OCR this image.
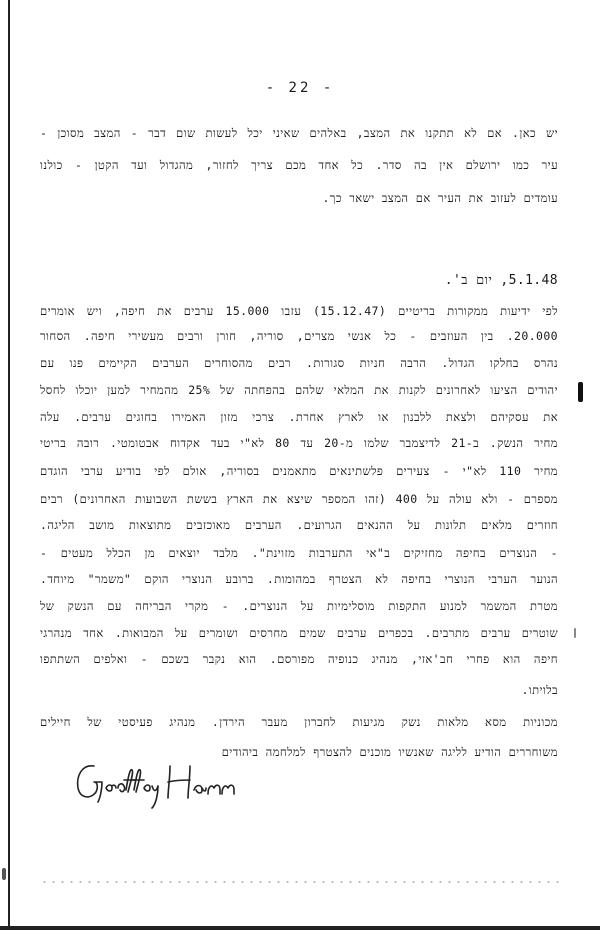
- 22 -
יש כאן. אם לא תתקנו את המצב, באלהים שאיני יכל לעשות שום דבר - המצב מסוכן -
עיר כמו ירושלם אין בה סדר. כל אחד מכם צריך לחזור, מהגדול ועד הקטן - כולנו
עומדים לעזוב את העיר אם המצב ישאר כך.
5.1.48, יום ב'.
לפי ידיעות ממקורות בריטיים (15.12.47) עזבו 15.000 ערבים את חיפה, ויש אומרים
20.000. בין העוזבים - כל אנשי מצרים, סוריה, חורן ורבים מעשירי חיפה. הסחור
נהרס בחלקו הגדול. הרבה חניות סגורות. רבים מהסוחרים הערבים הקיימים פנו עם
יהודים הציעו לאחרונים לקנות את המלאי שלהם בהפחתה של 25% מהמחיר למען יוכלו לחסל
את עסקיהם ולצאת ללבנון או לארץ אחרת. צרכי מזון האמירו בחוגים ערבים. עלה
מחיר הנשק. ב-21 לדיצמבר שלמו מ-20 עד 80 לא"י בעד אקדוח אבטומטי. רובה בריטי
מחיר 110 לא"י - צעירים פלשתינאים מתאמנים בסוריה, אולם לפי בודיע ערבי הוגדם
מספרם - ולא עולה על 400 (זהו המספר שיצא את הארץ בששת השבועות האחרונים) רבים
חוזרים מלאים תלונות על ההנאים הגרועים. הערבים מאוכזבים מתוצאות מושב הליגה.
- הנוצרים בחיפה מחזיקים ב"אי התערבות מזוינת". מלבד יוצאים מן הכלל מעטים -
הנוער הערבי הנוצרי בחיפה לא הצטרף במהומות. ברובע הנוצרי הוקם "משמר" מיוחד.
מטרת המשמר למנוע התקפות מוסלימיות על הנוצרים. - מקרי הבריחה עם הנשק של
שוטרים ערבים מתרבים. בכפרים ערבים שמים מחרסים ושומרים על המבואות. אחד מנהרגי
חיפה הוא פחרי חב'אזי, מנהיג כנופיה מפורסם. הוא נקבר בשכם - ואלפים השתתפו
בלויתו.
מכוניות מסא מלאות נשק מגיעות לחברון מעבר הירדן. מנהיג פעיסטי של חיילים
משוחררים הודיע לליגה שאנשיו מוכנים להצטרף למלחמה ביהודים
